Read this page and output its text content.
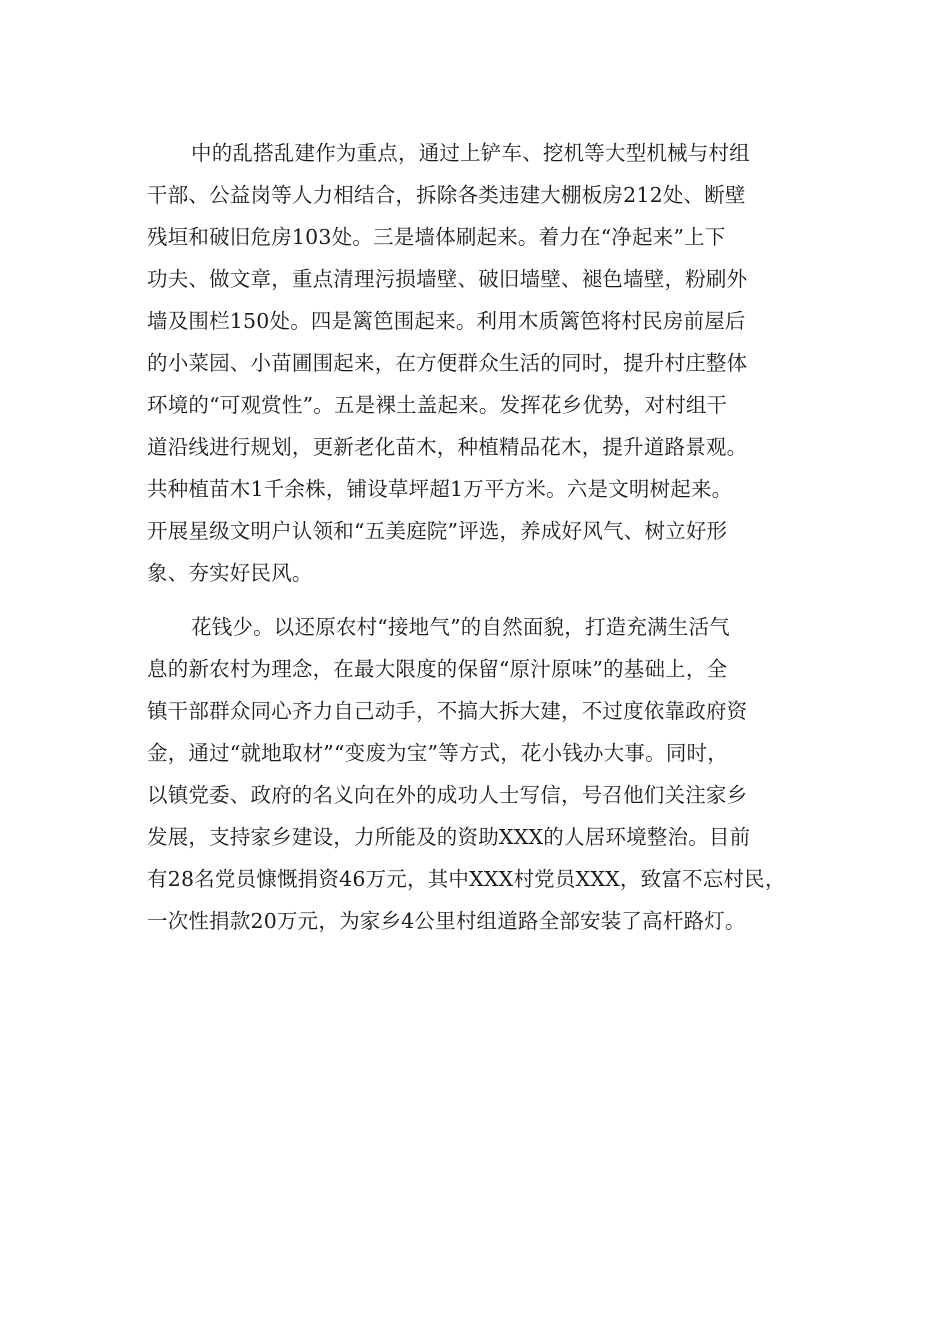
中的乱搭乱建作为重点，通过上铲车、挖机等大型机械与村组
干部、公益岗等人力相结合，拆除各类违建大棚板房212处、断壁
残垣和破旧危房103处。三是墙体刷起来。着力在“净起来”上下
功夫、做文章，重点清理污损墙壁、破旧墙壁、褪色墙壁，粉刷外
墙及围栏150处。四是篱笆围起来。利用木质篱笆将村民房前屋后
的小菜园、小苗圃围起来，在方便群众生活的同时，提升村庄整体
环境的“可观赏性”。五是裸土盖起来。发挥花乡优势，对村组干
道沿线进行规划，更新老化苗木，种植精品花木，提升道路景观。
共种植苗木1千余株，铺设草坪超1万平方米。六是文明树起来。
开展星级文明户认领和“五美庭院”评选，养成好风气、树立好形
象、夯实好民风。

花钱少。以还原农村“接地气”的自然面貌，打造充满生活气
息的新农村为理念，在最大限度的保留“原汁原味”的基础上，全
镇干部群众同心齐力自己动手，不搞大拆大建，不过度依靠政府资
金，通过“就地取材”“变废为宝”等方式，花小钱办大事。同时，
以镇党委、政府的名义向在外的成功人士写信，号召他们关注家乡
发展，支持家乡建设，力所能及的资助XXX的人居环境整治。目前
有28名党员慷慨捐资46万元，其中XXX村党员XXX，致富不忘村民，
一次性捐款20万元，为家乡4公里村组道路全部安装了高杆路灯。
